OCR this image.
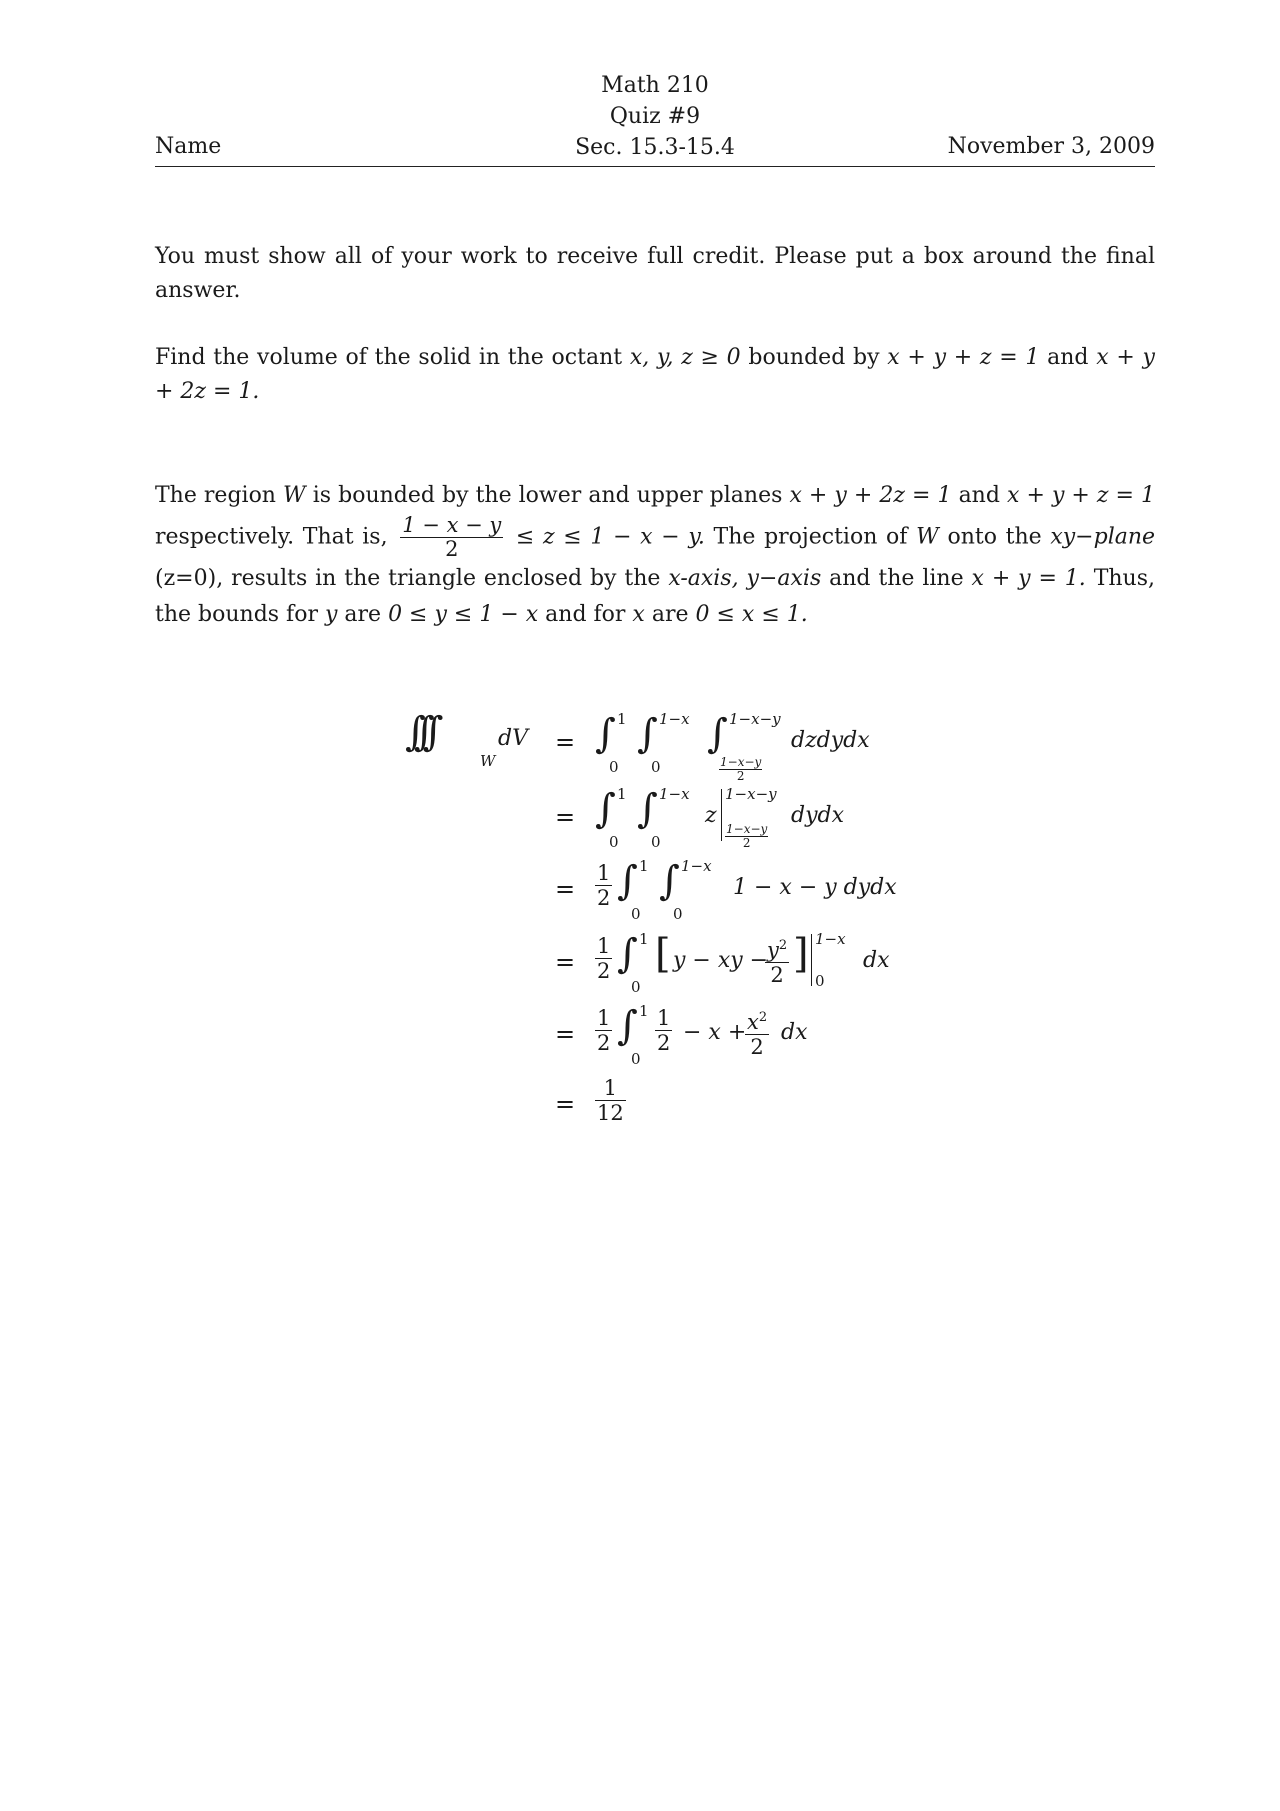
Math 210
Quiz #9
Sec. 15.3-15.4
Name	November 3, 2009
You must show all of your work to receive full credit. Please put a box around the final answer.
Find the volume of the solid in the octant x, y, z ≥ 0 bounded by x + y + z = 1 and x + y + 2z = 1.
The region W is bounded by the lower and upper planes x + y + 2z = 1 and x + y + z = 1 respectively. That is, $\frac{1 - x - y}{2} \le z \le 1 - x - y$. The projection of W onto the xy−plane (z=0), results in the triangle enclosed by the x-axis, y−axis and the line x + y = 1. Thus, the bounds for y are 0 ≤ y ≤ 1 − x and for x are 0 ≤ x ≤ 1.
∫∫∫
W
dV = ∫ 1
0
∫ 1−x
0
∫ 1−x−y
$\frac{1-x-y}{2}$
dzdydx
= ∫ 1
0
∫ 1−x
0
z
1−x−y
$\frac{1-x-y}{2}$
dydx
= $\frac{1}{2}$ ∫ 1
0
∫ 1−x
0
1 − x − y dydx
= $\frac{1}{2}$ ∫ 1
0
[ y − xy −
$y^2$
2 ] 1−x
0
dx
= $\frac{1}{2}$ ∫ 1
0
$\frac{1}{2} - x + x^2$
2
dx
= $\frac{1}{12}$
